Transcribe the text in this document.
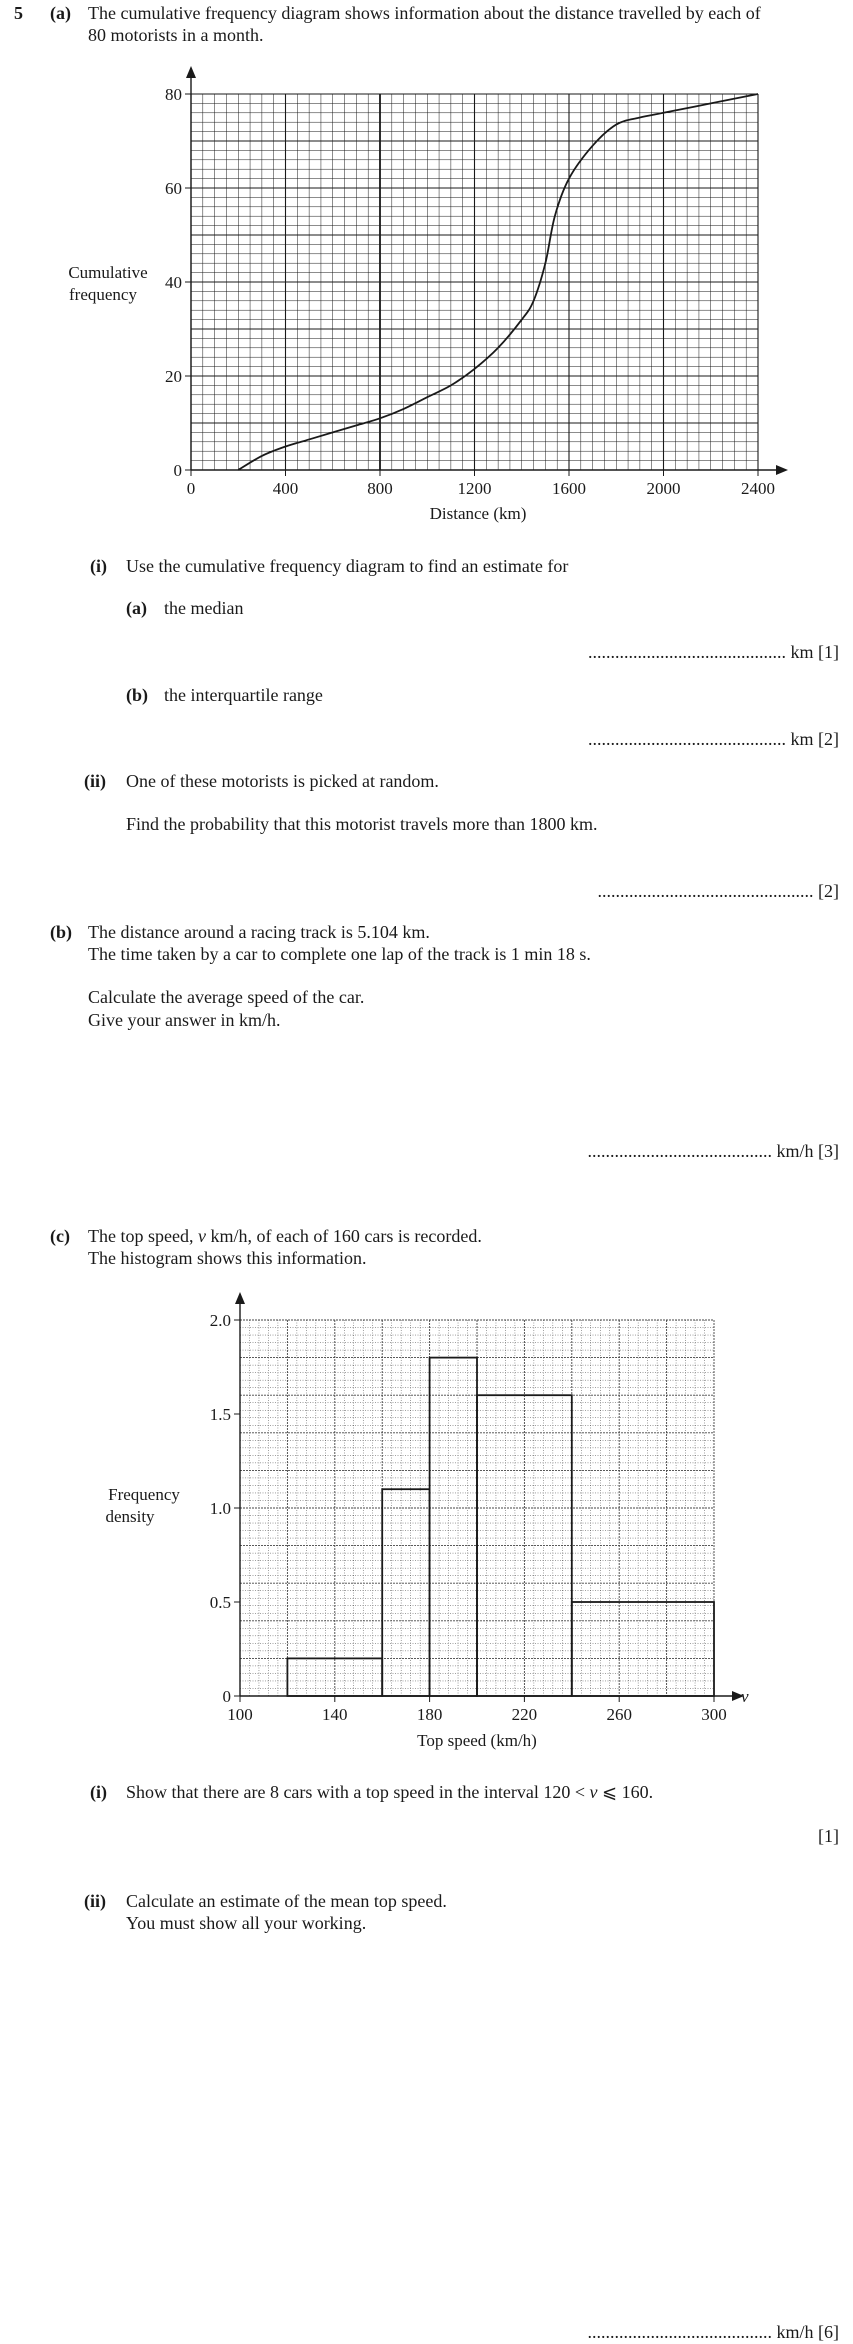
5 (a) The cumulative frequency diagram shows information about the distance travelled by each of
80 motorists in a month.
0	400	800	1200	1600	2000	2400
0
20
40
60
80
Cumulative
frequency
Distance (km)
(i) Use the cumulative frequency diagram to find an estimate for
(a) the median
............................................ km [1]
(b) the interquartile range
............................................ km [2]
(ii) One of these motorists is picked at random.
Find the probability that this motorist travels more than 1800 km.
................................................ [2]
(b) The distance around a racing track is 5.104 km.
The time taken by a car to complete one lap of the track is 1 min 18 s.
Calculate the average speed of the car.
Give your answer in km/h.
......................................... km/h [3]
(c) The top speed, v km/h, of each of 160 cars is recorded.
The histogram shows this information.
100	140	180	220	260	300
0
0.5
1.0
1.5
2.0
Frequency
density
Top speed (km/h)
v
(i) Show that there are 8 cars with a top speed in the interval 120 < v ⩽ 160.
[1]
(ii) Calculate an estimate of the mean top speed.
You must show all your working.
......................................... km/h [6]
